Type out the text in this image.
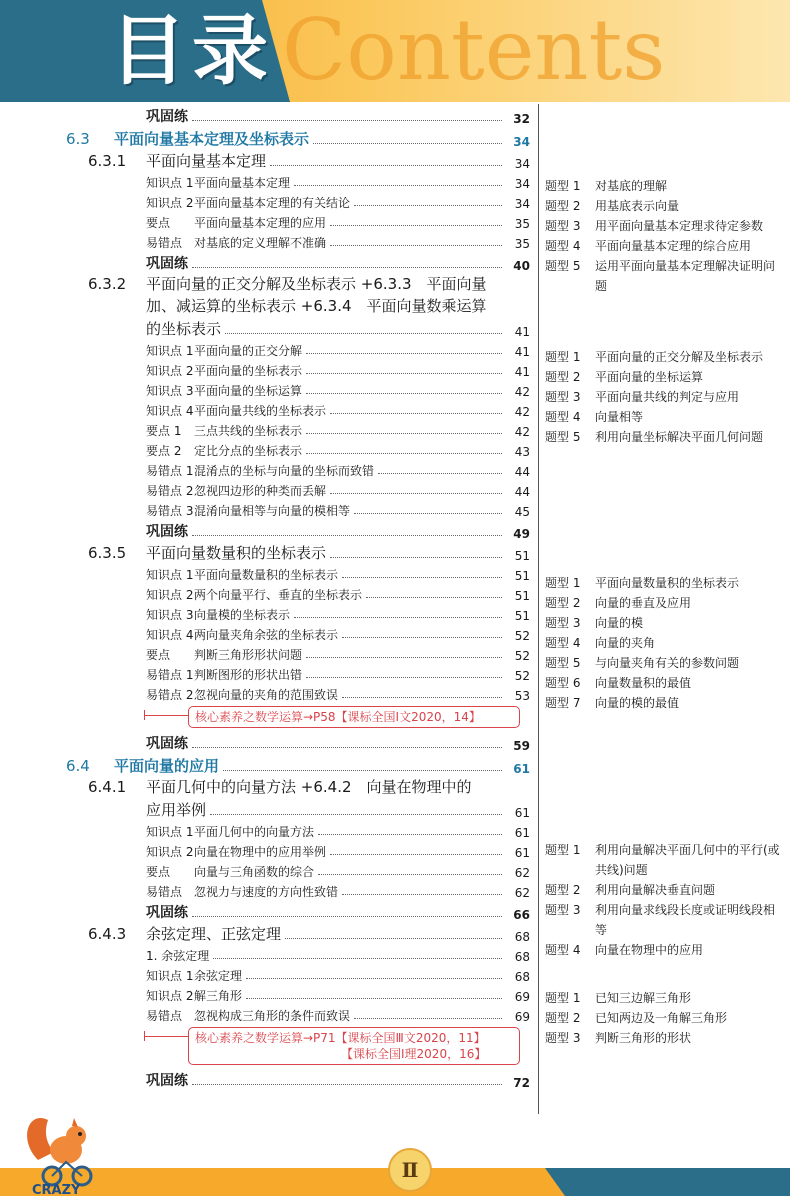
Contents
目录
巩固练	32
6.3 平面向量基本定理及坐标表示	34
6.3.1 平面向量基本定理	34
知识点 1平面向量基本定理	34
知识点 2平面向量基本定理的有关结论	34
要点 平面向量基本定理的应用	35
易错点 对基底的定义理解不准确	35
巩固练	40
6.3.2 平面向量的正交分解及坐标表示 +6.3.3　平面向量
加、减运算的坐标表示 +6.3.4　平面向量数乘运算
的坐标表示	41
知识点 1平面向量的正交分解	41
知识点 2平面向量的坐标表示	41
知识点 3平面向量的坐标运算	42
知识点 4平面向量共线的坐标表示	42
要点 1 三点共线的坐标表示	42
要点 2 定比分点的坐标表示	43
易错点 1混淆点的坐标与向量的坐标而致错	44
易错点 2忽视四边形的种类而丢解	44
易错点 3混淆向量相等与向量的模相等	45
巩固练	49
6.3.5 平面向量数量积的坐标表示	51
知识点 1平面向量数量积的坐标表示	51
知识点 2两个向量平行、垂直的坐标表示	51
知识点 3向量模的坐标表示	51
知识点 4两向量夹角余弦的坐标表示	52
要点 判断三角形形状问题	52
易错点 1判断图形的形状出错	52
易错点 2忽视向量的夹角的范围致误	53
核心素养之数学运算→P58【课标全国Ⅰ文2020，14】
巩固练	59
6.4 平面向量的应用	61
6.4.1 平面几何中的向量方法 +6.4.2　向量在物理中的
应用举例	61
知识点 1平面几何中的向量方法	61
知识点 2向量在物理中的应用举例	61
要点 向量与三角函数的综合	62
易错点 忽视力与速度的方向性致错	62
巩固练	66
6.4.3 余弦定理、正弦定理	68
1. 余弦定理	68
知识点 1余弦定理	68
知识点 2解三角形	69
易错点 忽视构成三角形的条件而致误	69
核心素养之数学运算→P71【课标全国Ⅲ文2020，11】
【课标全国Ⅰ理2020，16】
巩固练	72
题型 1	对基底的理解
题型 2	用基底表示向量
题型 3	用平面向量基本定理求待定参数
题型 4	平面向量基本定理的综合应用
题型 5	运用平面向量基本定理解决证明问题
题型 1	平面向量的正交分解及坐标表示
题型 2	平面向量的坐标运算
题型 3	平面向量共线的判定与应用
题型 4	向量相等
题型 5	利用向量坐标解决平面几何问题
题型 1	平面向量数量积的坐标表示
题型 2	向量的垂直及应用
题型 3	向量的模
题型 4	向量的夹角
题型 5	与向量夹角有关的参数问题
题型 6	向量数量积的最值
题型 7	向量的模的最值
题型 1	利用向量解决平面几何中的平行(或共线)问题
题型 2	利用向量解决垂直问题
题型 3	利用向量求线段长度或证明线段相等
题型 4	向量在物理中的应用
题型 1	已知三边解三角形
题型 2	已知两边及一角解三角形
题型 3	判断三角形的形状
Ⅱ
CRAZY
